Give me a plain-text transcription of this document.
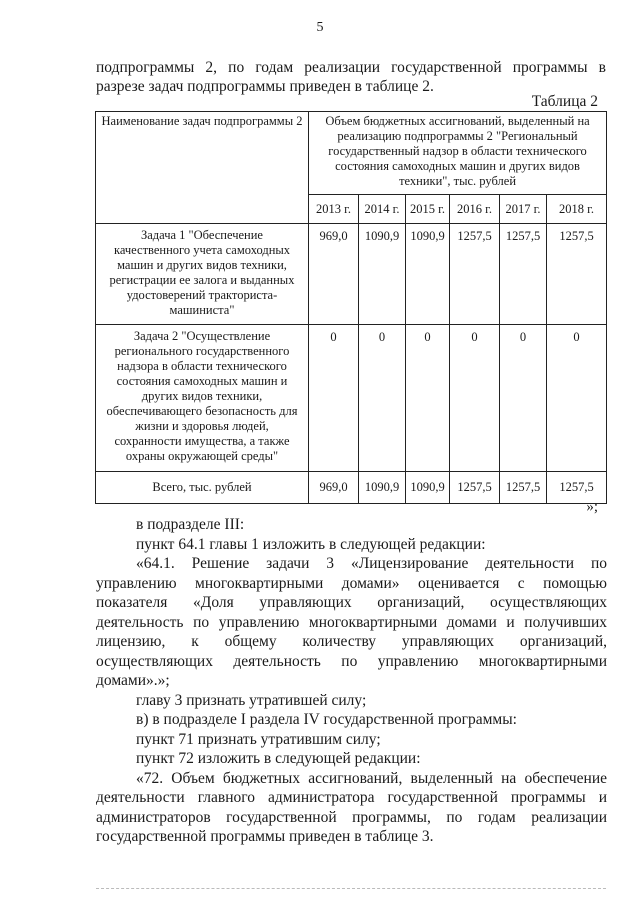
5
подпрограммы 2, по годам реализации государственной программы в разрезе задач подпрограммы приведен в таблице 2.
Таблица 2
Наименование задач подпрограммы 2	Объем бюджетных ассигнований, выделенный на реализацию подпрограммы 2 "Региональный государственный надзор в области технического состояния самоходных машин и других видов техники", тыс. рублей					
	2013 г.	2014 г.	2015 г.	2016 г.	2017 г.	2018 г.
Задача 1 "Обеспечение качественного учета самоходных машин и других видов техники, регистрации ее залога и выданных удостоверений тракториста-машиниста"	969,0	1090,9	1090,9	1257,5	1257,5	1257,5
Задача 2 "Осуществление регионального государственного надзора в области технического состояния самоходных машин и других видов техники, обеспечивающего безопасность для жизни и здоровья людей, сохранности имущества, а также охраны окружающей среды"	0	0	0	0	0	0
Всего, тыс. рублей	969,0	1090,9	1090,9	1257,5	1257,5	1257,5
»;

в подразделе III:

пункт 64.1 главы 1 изложить в следующей редакции:

«64.1. Решение задачи 3 «Лицензирование деятельности по управлению многоквартирными домами» оценивается с помощью показателя «Доля управляющих организаций, осуществляющих деятельность по управлению многоквартирными домами и получивших лицензию, к общему количеству управляющих организаций, осуществляющих деятельность по управлению многоквартирными домами».»;

главу 3 признать утратившей силу;

в) в подразделе I раздела IV государственной программы:

пункт 71 признать утратившим силу;

пункт 72 изложить в следующей редакции:

«72. Объем бюджетных ассигнований, выделенный на обеспечение деятельности главного администратора государственной программы и администраторов государственной программы, по годам реализации государственной программы приведен в таблице 3.
